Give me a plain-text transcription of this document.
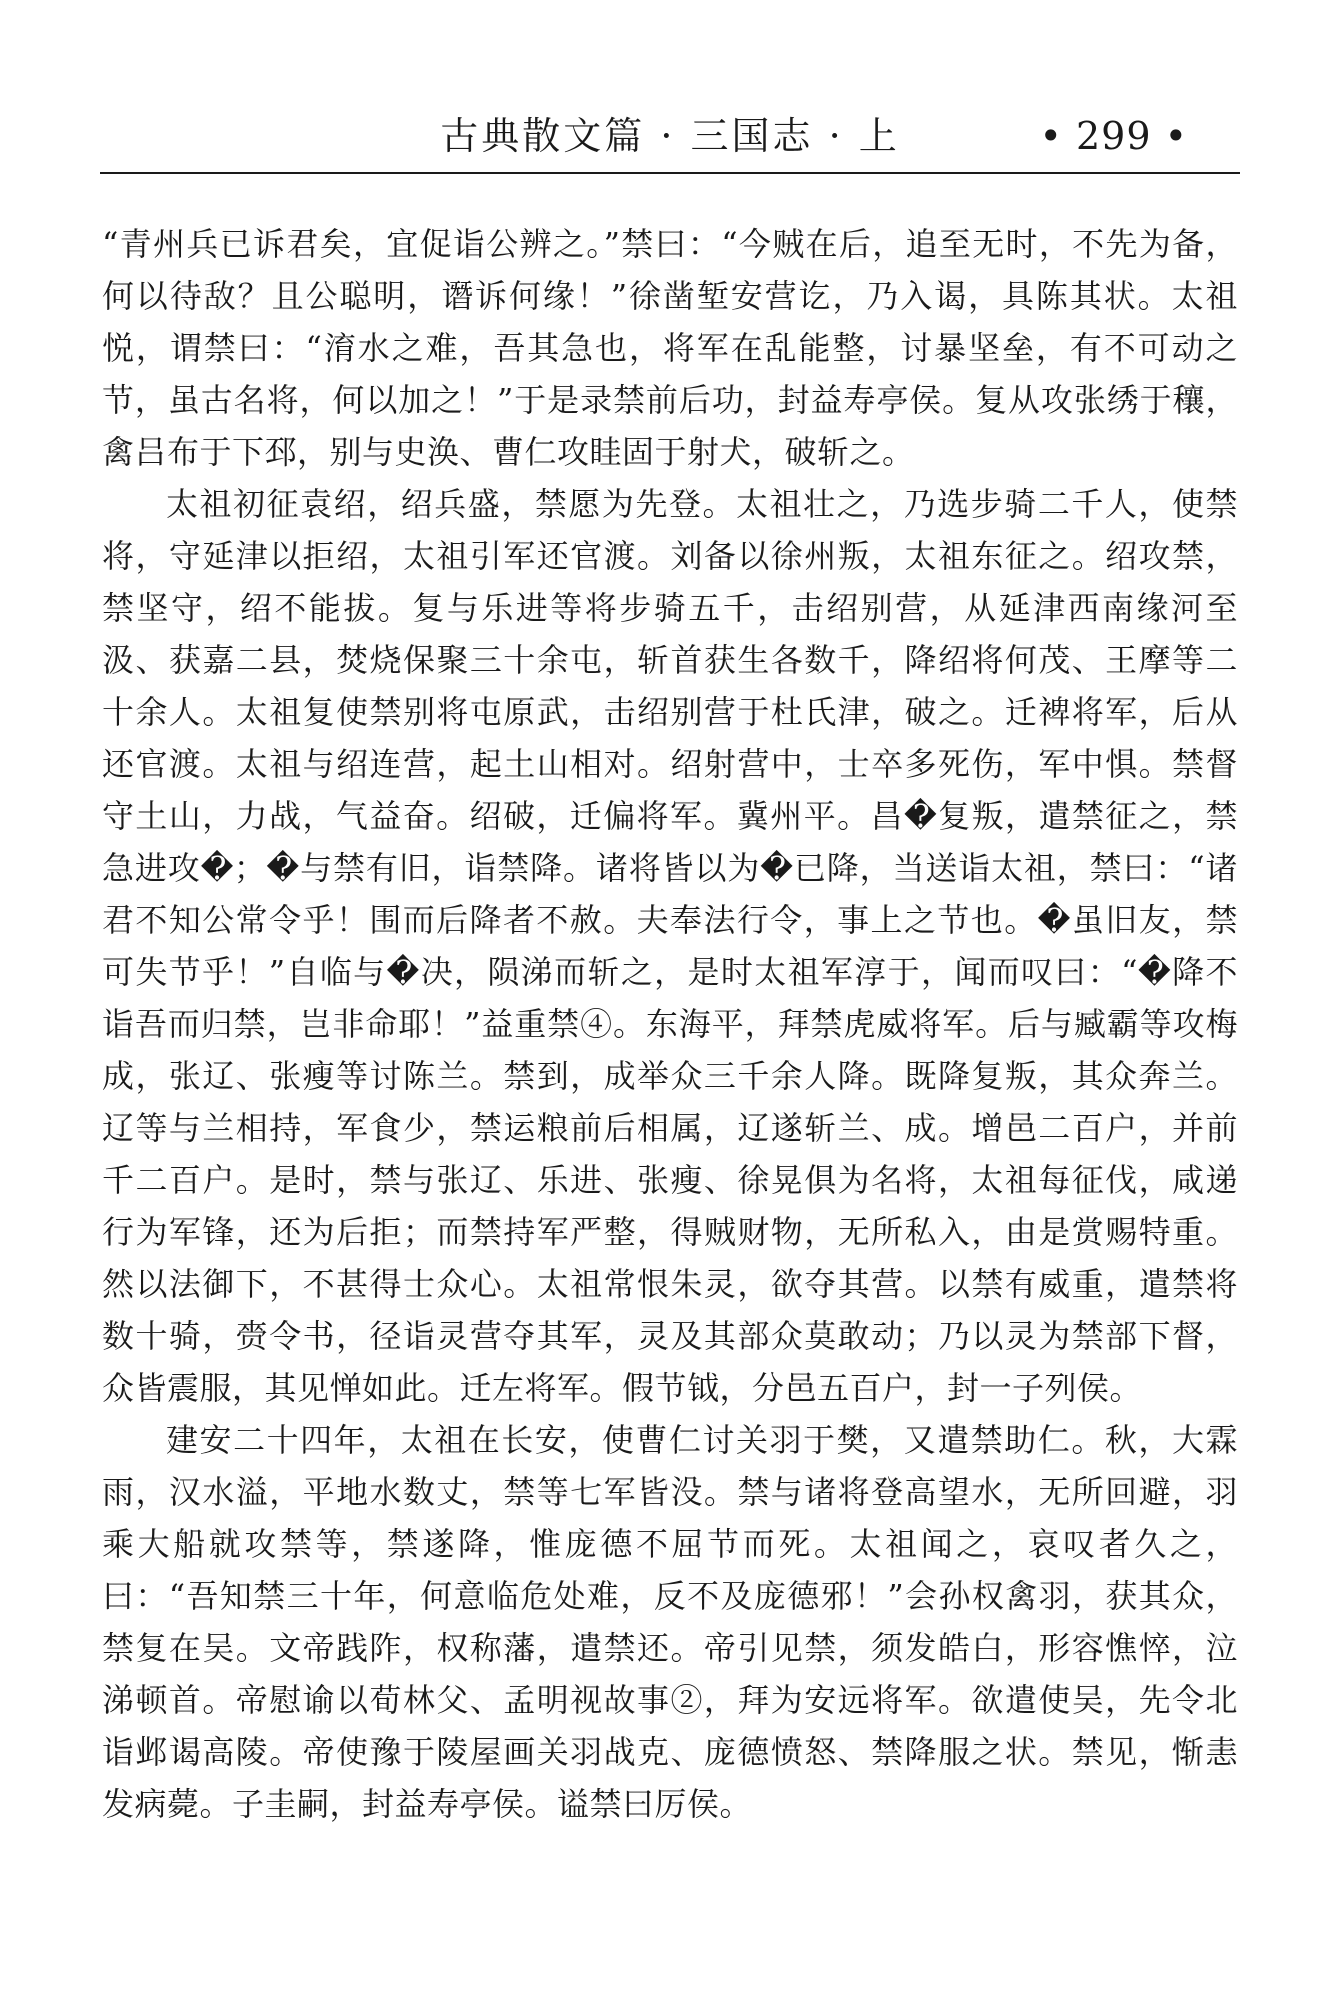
古典散文篇 · 三国志 · 上	• 299 •

“青州兵已诉君矣，宜促诣公辨之。”禁曰：“今贼在后，追至无时，不先为备，何以待敌？且公聪明，谮诉何缘！”徐凿堑安营讫，乃入谒，具陈其状。太祖悦，谓禁曰：“淯水之难，吾其急也，将军在乱能整，讨暴坚垒，有不可动之节，虽古名将，何以加之！”于是录禁前后功，封益寿亭侯。复从攻张绣于穰，禽吕布于下邳，别与史涣、曹仁攻眭固于射犬，破斩之。

太祖初征袁绍，绍兵盛，禁愿为先登。太祖壮之，乃选步骑二千人，使禁将，守延津以拒绍，太祖引军还官渡。刘备以徐州叛，太祖东征之。绍攻禁，禁坚守，绍不能拔。复与乐进等将步骑五千，击绍别营，从延津西南缘河至汲、获嘉二县，焚烧保聚三十余屯，斩首获生各数千，降绍将何茂、王摩等二十余人。太祖复使禁别将屯原武，击绍别营于杜氏津，破之。迁裨将军，后从还官渡。太祖与绍连营，起土山相对。绍射营中，士卒多死伤，军中惧。禁督守土山，力战，气益奋。绍破，迁偏将军。冀州平。昌�复叛，遣禁征之，禁急进攻�；�与禁有旧，诣禁降。诸将皆以为�已降，当送诣太祖，禁曰：“诸君不知公常令乎！围而后降者不赦。夫奉法行令，事上之节也。�虽旧友，禁可失节乎！”自临与�决，陨涕而斩之，是时太祖军淳于，闻而叹曰：“�降不诣吾而归禁，岂非命耶！”益重禁④。东海平，拜禁虎威将军。后与臧霸等攻梅成，张辽、张瘦等讨陈兰。禁到，成举众三千余人降。既降复叛，其众奔兰。辽等与兰相持，军食少，禁运粮前后相属，辽遂斩兰、成。增邑二百户，并前千二百户。是时，禁与张辽、乐进、张瘦、徐晃俱为名将，太祖每征伐，咸递行为军锋，还为后拒；而禁持军严整，得贼财物，无所私入，由是赏赐特重。然以法御下，不甚得士众心。太祖常恨朱灵，欲夺其营。以禁有威重，遣禁将数十骑，赍令书，径诣灵营夺其军，灵及其部众莫敢动；乃以灵为禁部下督，众皆震服，其见惮如此。迁左将军。假节钺，分邑五百户，封一子列侯。

建安二十四年，太祖在长安，使曹仁讨关羽于樊，又遣禁助仁。秋，大霖雨，汉水溢，平地水数丈，禁等七军皆没。禁与诸将登高望水，无所回避，羽乘大船就攻禁等，禁遂降，惟庞德不屈节而死。太祖闻之，哀叹者久之，曰：“吾知禁三十年，何意临危处难，反不及庞德邪！”会孙权禽羽，获其众，禁复在吴。文帝践阼，权称藩，遣禁还。帝引见禁，须发皓白，形容憔悴，泣涕顿首。帝慰谕以荀林父、孟明视故事②，拜为安远将军。欲遣使吴，先令北诣邺谒高陵。帝使豫于陵屋画关羽战克、庞德愤怒、禁降服之状。禁见，惭恚发病薨。子圭嗣，封益寿亭侯。谥禁曰厉侯。
